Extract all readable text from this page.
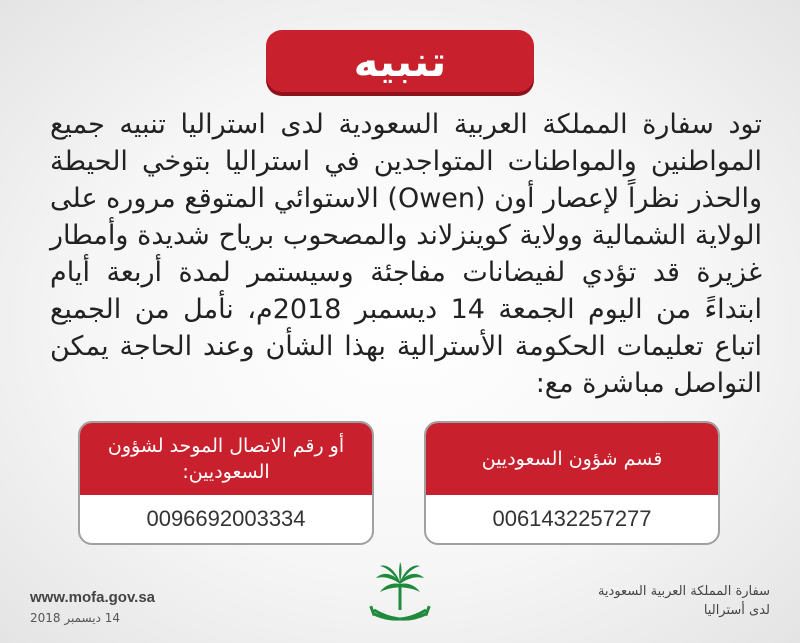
تنبيه

تود سفارة المملكة العربية السعودية لدى استراليا تنبيه جميع المواطنين والمواطنات المتواجدين في استراليا بتوخي الحيطة والحذر نظراً لإعصار أون (Owen) الاستوائي المتوقع مروره على الولاية الشمالية وولاية كوينزلاند والمصحوب برياح شديدة وأمطار غزيرة قد تؤدي لفيضانات مفاجئة وسيستمر لمدة أربعة أيام ابتداءً من اليوم الجمعة 14 ديسمبر 2018م، نأمل من الجميع اتباع تعليمات الحكومة الأسترالية بهذا الشأن وعند الحاجة يمكن التواصل مباشرة مع:

قسم شؤون السعوديين
0061432257277
أو رقم الاتصال الموحد لشؤون السعوديين:
0096692003334
www.mofa.gov.sa
14 ديسمبر 2018
سفارة المملكة العربية السعودية
لدى أستراليا
